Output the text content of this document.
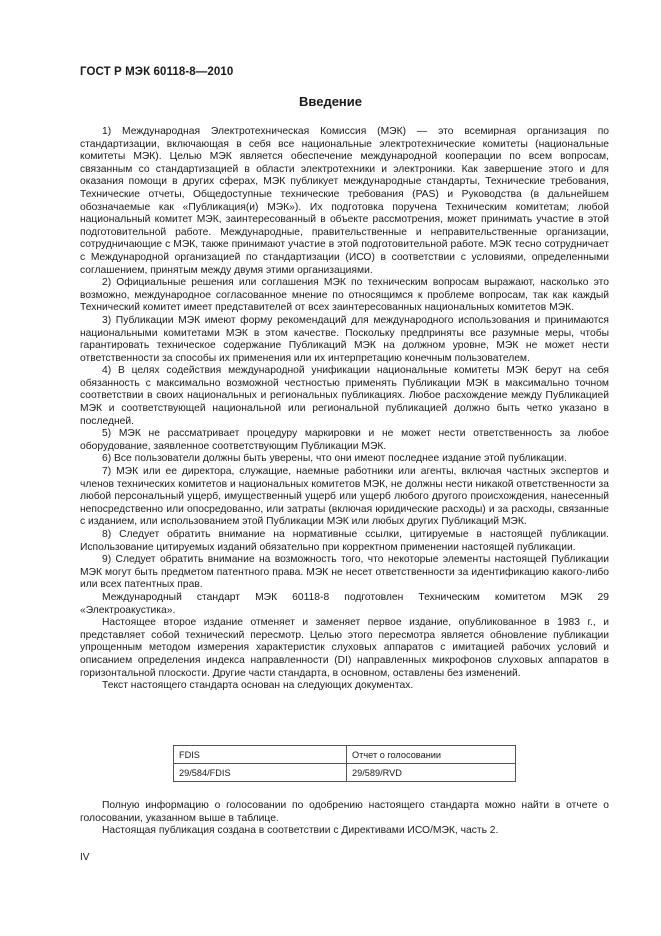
ГОСТ Р МЭК 60118-8—2010
Введение

1) Международная Электротехническая Комиссия (МЭК) — это всемирная организация по стандартизации, включающая в себя все национальные электротехнические комитеты (национальные комитеты МЭК). Целью МЭК является обеспечение международной кооперации по всем вопросам, связанным со стандартизацией в области электротехники и электроники. Как завершение этого и для оказания помощи в других сферах, МЭК публикует международные стандарты, Технические требования, Технические отчеты, Общедоступные технические требования (PAS) и Руководства (в дальнейшем обозначаемые как «Публикация(и) МЭК»). Их подготовка поручена Техническим комитетам; любой национальный комитет МЭК, заинтересованный в объекте рассмотрения, может принимать участие в этой подготовительной работе. Международные, правительственные и неправительственные организации, сотрудничающие с МЭК, также принимают участие в этой подготовительной работе. МЭК тесно сотрудничает с Международной организацией по стандартизации (ИСО) в соответствии с условиями, определенными соглашением, принятым между двумя этими организациями.

2) Официальные решения или соглашения МЭК по техническим вопросам выражают, насколько это возможно, международное согласованное мнение по относящимся к проблеме вопросам, так как каждый Технический комитет имеет представителей от всех заинтересованных национальных комитетов МЭК.

3) Публикации МЭК имеют форму рекомендаций для международного использования и принимаются национальными комитетами МЭК в этом качестве. Поскольку предприняты все разумные меры, чтобы гарантировать техническое содержание Публикаций МЭК на должном уровне, МЭК не может нести ответственности за способы их применения или их интерпретацию конечным пользователем.

4) В целях содействия международной унификации национальные комитеты МЭК берут на себя обязанность с максимально возможной честностью применять Публикации МЭК в максимально точном соответствии в своих национальных и региональных публикациях. Любое расхождение между Публикацией МЭК и соответствующей национальной или региональной публикацией должно быть четко указано в последней.

5) МЭК не рассматривает процедуру маркировки и не может нести ответственность за любое оборудование, заявленное соответствующим Публикации МЭК.

6) Все пользователи должны быть уверены, что они имеют последнее издание этой публикации.

7) МЭК или ее директора, служащие, наемные работники или агенты, включая частных экспертов и членов технических комитетов и национальных комитетов МЭК, не должны нести никакой ответственности за любой персональный ущерб, имущественный ущерб или ущерб любого другого происхождения, нанесенный непосредственно или опосредованно, или затраты (включая юридические расходы) и за расходы, связанные с изданием, или использованием этой Публикации МЭК или любых других Публикаций МЭК.

8) Следует обратить внимание на нормативные ссылки, цитируемые в настоящей публикации. Использование цитируемых изданий обязательно при корректном применении настоящей публикации.

9) Следует обратить внимание на возможность того, что некоторые элементы настоящей Публикации МЭК могут быть предметом патентного права. МЭК не несет ответственности за идентификацию какого-либо или всех патентных прав.

Международный стандарт МЭК 60118-8 подготовлен Техническим комитетом МЭК 29 «Электроакустика».

Настоящее второе издание отменяет и заменяет первое издание, опубликованное в 1983 г., и представляет собой технический пересмотр. Целью этого пересмотра является обновление публикации упрощенным методом измерения характеристик слуховых аппаратов с имитацией рабочих условий и описанием определения индекса направленности (DI) направленных микрофонов слуховых аппаратов в горизонтальной плоскости. Другие части стандарта, в основном, оставлены без изменений.

Текст настоящего стандарта основан на следующих документах.

FDIS	Отчет о голосовании
29/584/FDIS	29/589/RVD

Полную информацию о голосовании по одобрению настоящего стандарта можно найти в отчете о голосовании, указанном выше в таблице.

Настоящая публикация создана в соответствии с Директивами ИСО/МЭК, часть 2.

IV
